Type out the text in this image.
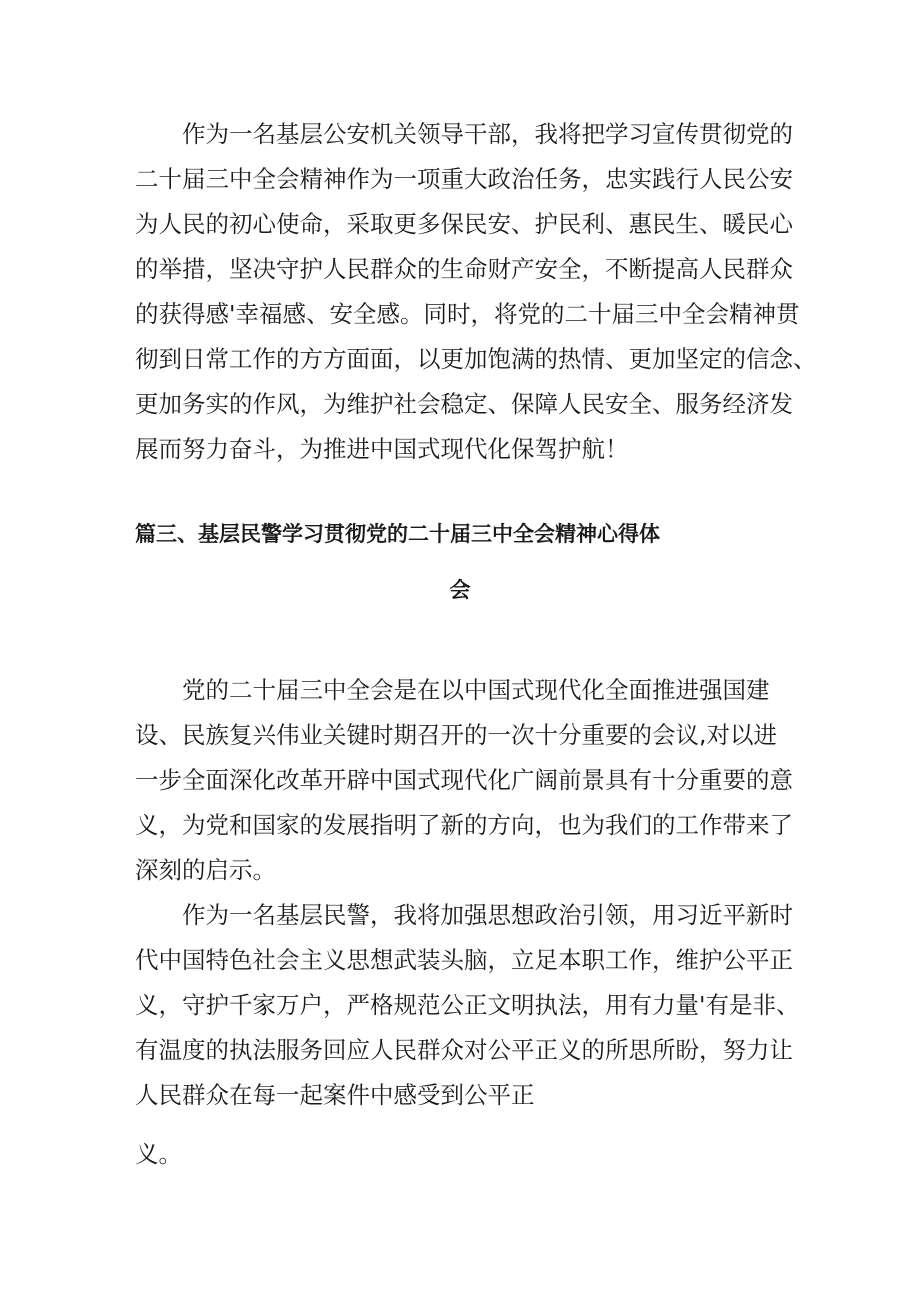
作为一名基层公安机关领导干部，我将把学习宣传贯彻党的
二十届三中全会精神作为一项重大政治任务，忠实践行人民公安
为人民的初心使命，采取更多保民安、护民利、惠民生、暖民心
的举措，坚决守护人民群众的生命财产安全，不断提高人民群众
的获得感'幸福感、安全感。同时，将党的二十届三中全会精神贯
彻到日常工作的方方面面，以更加饱满的热情、更加坚定的信念、
更加务实的作风，为维护社会稳定、保障人民安全、服务经济发
展而努力奋斗，为推进中国式现代化保驾护航！
篇三、基层民警学习贯彻党的二十届三中全会精神心得体
会
党的二十届三中全会是在以中国式现代化全面推进强国建
设、民族复兴伟业关键时期召开的一次十分重要的会议,对以进
一步全面深化改革开辟中国式现代化广阔前景具有十分重要的意
义，为党和国家的发展指明了新的方向，也为我们的工作带来了
深刻的启示。
作为一名基层民警，我将加强思想政治引领，用习近平新时
代中国特色社会主义思想武装头脑，立足本职工作，维护公平正
义，守护千家万户，严格规范公正文明执法，用有力量'有是非、
有温度的执法服务回应人民群众对公平正义的所思所盼，努力让
人民群众在每一起案件中感受到公平正
义。
